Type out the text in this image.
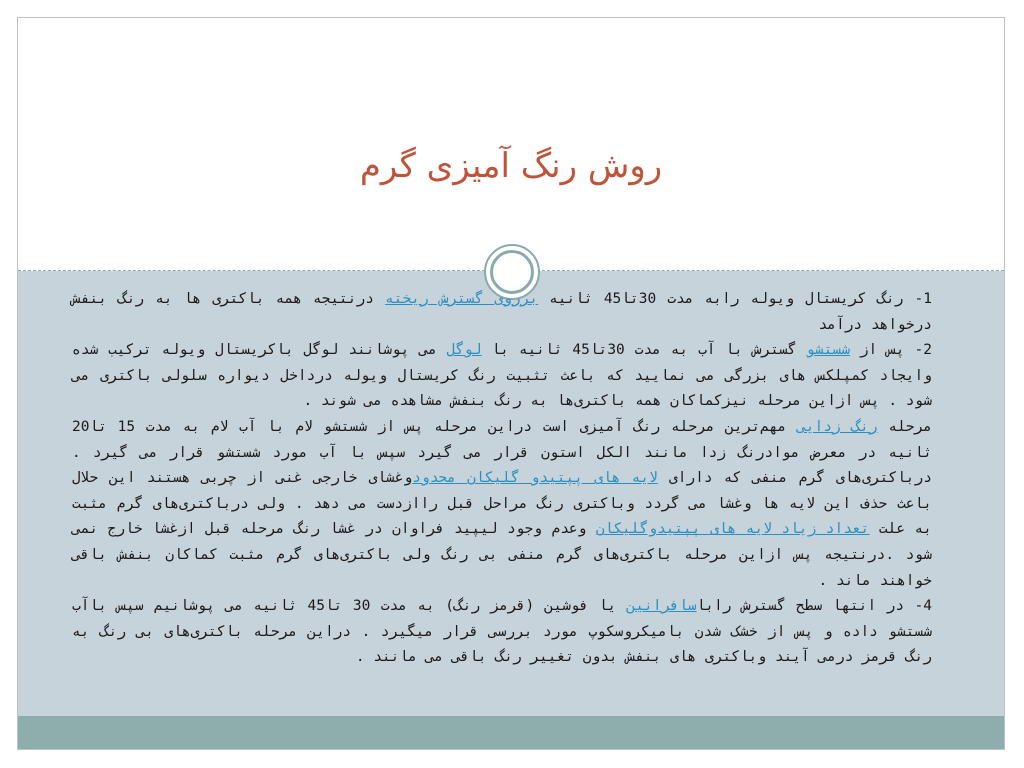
روش رنگ آمیزی گرم

1- رنگ کریستال ویوله رابه مدت 30تا45 ثانیه برروی گسترش ریخته درنتیجه همه باکتری ها به رنگ بنفش درخواهد درآمد

2- پس از شستشو گسترش با آب به مدت 30تا45 ثانیه با لوگل می پوشانند لوگل باکریستال ویوله ترکیب شده وایجاد کمپلکس های بزرگی می نمایید که باعث تثبیت رنگ کریستال ویوله درداخل دیواره سلولی باکتری می شود . پس ازاین مرحله نیزکماکان همه باکتری‌ها به رنگ بنفش مشاهده می شوند .

مرحله رنگ زدایی مهم‌ترین مرحله رنگ آمیزی است دراین مرحله پس از شستشو لام با آب لام به مدت 15 تا20 ثانیه در معرض موادرنگ زدا مانند الکل استون قرار می گیرد سپس با آب مورد شستشو قرار می گیرد . درباکتری‌های گرم منفی که دارای لایه های پپتیدو گلیکان محدودوغشای خارجی غنی از چربی هستند این حلال باعث حذف این لایه ها وغشا می گردد وباکتری رنگ مراحل قبل راازدست می دهد . ولی درباکتری‌های گرم مثبت به علت تعداد زیاد لایه های پپتیدوگلیکان وعدم وجود لیپید فراوان در غشا رنگ مرحله قبل ازغشا خارج نمی شود .درنتیجه پس ازاین مرحله باکتری‌های گرم منفی بی رنگ ولی باکتری‌های گرم مثبت کماکان بنفش باقی خواهند ماند .

4- در انتها سطح گسترش راباسافرانین یا فوشین (قرمز رنگ) به مدت 30 تا45 ثانیه می پوشانیم سپس باآب شستشو داده و پس از خشک شدن بامیکروسکوپ مورد بررسی قرار میگیرد . دراین مرحله باکتری‌های بی رنگ به رنگ قرمز درمی آیند وباکتری های بنفش بدون تغییر رنگ باقی می مانند .
